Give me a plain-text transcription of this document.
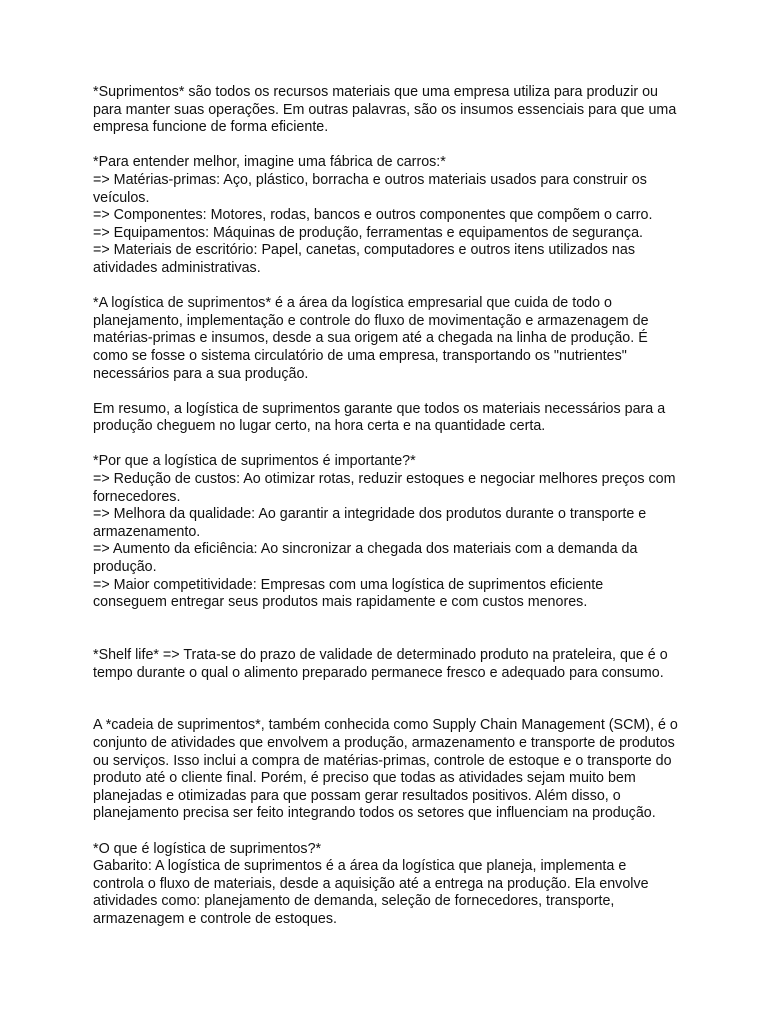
*Suprimentos* são todos os recursos materiais que uma empresa utiliza para produzir ou
para manter suas operações. Em outras palavras, são os insumos essenciais para que uma
empresa funcione de forma eficiente.
*Para entender melhor, imagine uma fábrica de carros:*
=> Matérias-primas: Aço, plástico, borracha e outros materiais usados para construir os
veículos.
=> Componentes: Motores, rodas, bancos e outros componentes que compõem o carro.
=> Equipamentos: Máquinas de produção, ferramentas e equipamentos de segurança.
=> Materiais de escritório: Papel, canetas, computadores e outros itens utilizados nas
atividades administrativas.
*A logística de suprimentos* é a área da logística empresarial que cuida de todo o
planejamento, implementação e controle do fluxo de movimentação e armazenagem de
matérias-primas e insumos, desde a sua origem até a chegada na linha de produção. É
como se fosse o sistema circulatório de uma empresa, transportando os "nutrientes"
necessários para a sua produção.
Em resumo, a logística de suprimentos garante que todos os materiais necessários para a
produção cheguem no lugar certo, na hora certa e na quantidade certa.
*Por que a logística de suprimentos é importante?*
=> Redução de custos: Ao otimizar rotas, reduzir estoques e negociar melhores preços com
fornecedores.
=> Melhora da qualidade: Ao garantir a integridade dos produtos durante o transporte e
armazenamento.
=> Aumento da eficiência: Ao sincronizar a chegada dos materiais com a demanda da
produção.
=> Maior competitividade: Empresas com uma logística de suprimentos eficiente
conseguem entregar seus produtos mais rapidamente e com custos menores.
*Shelf life* => Trata-se do prazo de validade de determinado produto na prateleira, que é o
tempo durante o qual o alimento preparado permanece fresco e adequado para consumo.
A *cadeia de suprimentos*, também conhecida como Supply Chain Management (SCM), é o
conjunto de atividades que envolvem a produção, armazenamento e transporte de produtos
ou serviços. Isso inclui a compra de matérias-primas, controle de estoque e o transporte do
produto até o cliente final. Porém, é preciso que todas as atividades sejam muito bem
planejadas e otimizadas para que possam gerar resultados positivos. Além disso, o
planejamento precisa ser feito integrando todos os setores que influenciam na produção.
*O que é logística de suprimentos?*
Gabarito: A logística de suprimentos é a área da logística que planeja, implementa e
controla o fluxo de materiais, desde a aquisição até a entrega na produção. Ela envolve
atividades como: planejamento de demanda, seleção de fornecedores, transporte,
armazenagem e controle de estoques.
